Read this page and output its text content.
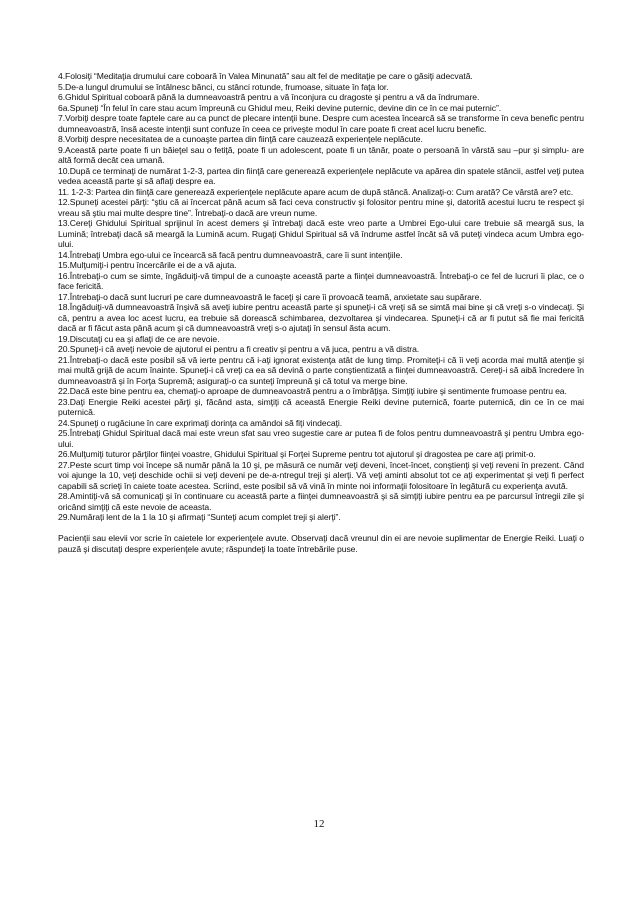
4.Folosiţi “Meditaţia drumului care coboară în Valea Minunată” sau alt fel de meditaţie pe care o găsiţi adecvată.

5.De-a lungul drumului se întâlnesc bănci, cu stânci rotunde, frumoase, situate în faţa lor.

6.Ghidul Spiritual coboară până la dumneavoastră pentru a vă înconjura cu dragoste şi pentru a vă da îndrumare.

6a.Spuneţi “În felul în care stau acum împreună cu Ghidul meu, Reiki devine puternic, devine din ce în ce mai puternic”.

7.Vorbiţi despre toate faptele care au ca punct de plecare intenţii bune. Despre cum acestea încearcă să se transforme în ceva benefic pentru dumneavoastră, însă aceste intenţii sunt confuze în ceea ce priveşte modul în care poate fi creat acel lucru benefic.

8.Vorbiţi despre necesitatea de a cunoaşte partea din fiinţă care cauzează experienţele neplăcute.

9.Această parte poate fi un băieţel sau o fetiţă, poate fi un adolescent, poate fi un tânăr, poate o persoană în vârstă sau –pur şi simplu- are altă formă decât cea umană.

10.După ce terminaţi de numărat 1-2-3, partea din fiinţă care generează experienţele neplăcute va apărea din spatele stâncii, astfel veţi putea vedea această parte şi să aflaţi despre ea.

11. 1-2-3: Partea din fiinţă care generează experienţele neplăcute apare acum de după stâncă. Analizaţi-o: Cum arată? Ce vârstă are? etc.

12.Spuneţi acestei părţi: “ştiu că ai încercat până acum să faci ceva constructiv şi folositor pentru mine şi, datorită acestui lucru te respect şi vreau să ştiu mai multe despre tine”. Întrebaţi-o dacă are vreun nume.

13.Cereţi Ghidului Spiritual sprijinul în acest demers şi întrebaţi dacă este vreo parte a Umbrei Ego-ului care trebuie să meargă sus, la Lumină; întrebaţi dacă să meargă la Lumină acum. Rugaţi Ghidul Spiritual să vă îndrume astfel încât să vă puteţi vindeca acum Umbra ego-ului.

14.Întrebaţi Umbra ego-ului ce încearcă să facă pentru dumneavoastră, care îi sunt intenţiile.

15.Mulţumiţi-i pentru încercările ei de a vă ajuta.

16.Întrebaţi-o cum se simte, îngăduiţi-vă timpul de a cunoaşte această parte a fiinţei dumneavoastră. Întrebaţi-o ce fel de lucruri îi plac, ce o face fericită.

17.Întrebaţi-o dacă sunt lucruri pe care dumneavoastră le faceţi şi care îi provoacă teamă, anxietate sau supărare.

18.Îngăduiţi-vă dumneavoastră înşivă să aveţi iubire pentru această parte şi spuneţi-i că vreţi să se simtă mai bine şi că vreţi s-o vindecaţi. Şi că, pentru a avea loc acest lucru, ea trebuie să dorească schimbarea, dezvoltarea şi vindecarea. Spuneţi-i că ar fi putut să fie mai fericită dacă ar fi făcut asta până acum şi că dumneavoastră vreţi s-o ajutaţi în sensul ăsta acum.

19.Discutaţi cu ea şi aflaţi de ce are nevoie.

20.Spuneţi-i că aveţi nevoie de ajutorul ei pentru a fi creativ şi pentru a vă juca, pentru a vă distra.

21.Întrebaţi-o dacă este posibil să vă ierte pentru că i-aţi ignorat existenţa atât de lung timp. Promiteţi-i că îi veţi acorda mai multă atenţie şi mai multă grijă de acum înainte. Spuneţi-i că vreţi ca ea să devină o parte conştientizată a fiinţei dumneavoastră. Cereţi-i să aibă încredere în dumneavoastră şi în Forţa Supremă; asiguraţi-o ca sunteţi împreună şi că totul va merge bine.

22.Dacă este bine pentru ea, chemaţi-o aproape de dumneavoastră pentru a o îmbrăţişa. Simţiţi iubire şi sentimente frumoase pentru ea.

23.Daţi Energie Reiki acestei părţi şi, făcând asta, simţiţi că această Energie Reiki devine puternică, foarte puternică, din ce în ce mai puternică.

24.Spuneţi o rugăciune în care exprimaţi dorinţa ca amândoi să fiţi vindecaţi.

25.Întrebaţi Ghidul Spiritual dacă mai este vreun sfat sau vreo sugestie care ar putea fi de folos pentru dumneavoastră şi pentru Umbra ego-ului.

26.Mulţumiţi tuturor părţilor fiinţei voastre, Ghidului Spiritual şi Forţei Supreme pentru tot ajutorul şi dragostea pe care aţi primit-o.

27.Peste scurt timp voi începe să număr până la 10 şi, pe măsură ce număr veţi deveni, încet-încet, conştienţi şi veţi reveni în prezent. Când voi ajunge la 10, veţi deschide ochii si veţi deveni pe de-a-ntregul treji şi alerţi. Vă veţi aminti absolut tot ce aţi experimentat şi veţi fi perfect capabili să scrieţi în caiete toate acestea. Scriind, este posibil să vă vină în minte noi informaţii folositoare în legătură cu experienţa avută.

28.Amintiţi-vă să comunicaţi şi în continuare cu această parte a fiinţei dumneavoastră şi să simţiţi iubire pentru ea pe parcursul întregii zile şi oricând simţiţi că este nevoie de aceasta.

29.Numărați lent de la 1 la 10 şi afirmaţi “Sunteţi acum complet treji şi alerţi”.

Pacienţii sau elevii vor scrie în caietele lor experienţele avute. Observaţi dacă vreunul din ei are nevoie suplimentar de Energie Reiki. Luaţi o pauză şi discutaţi despre experienţele avute; răspundeţi la toate întrebările puse.

12
